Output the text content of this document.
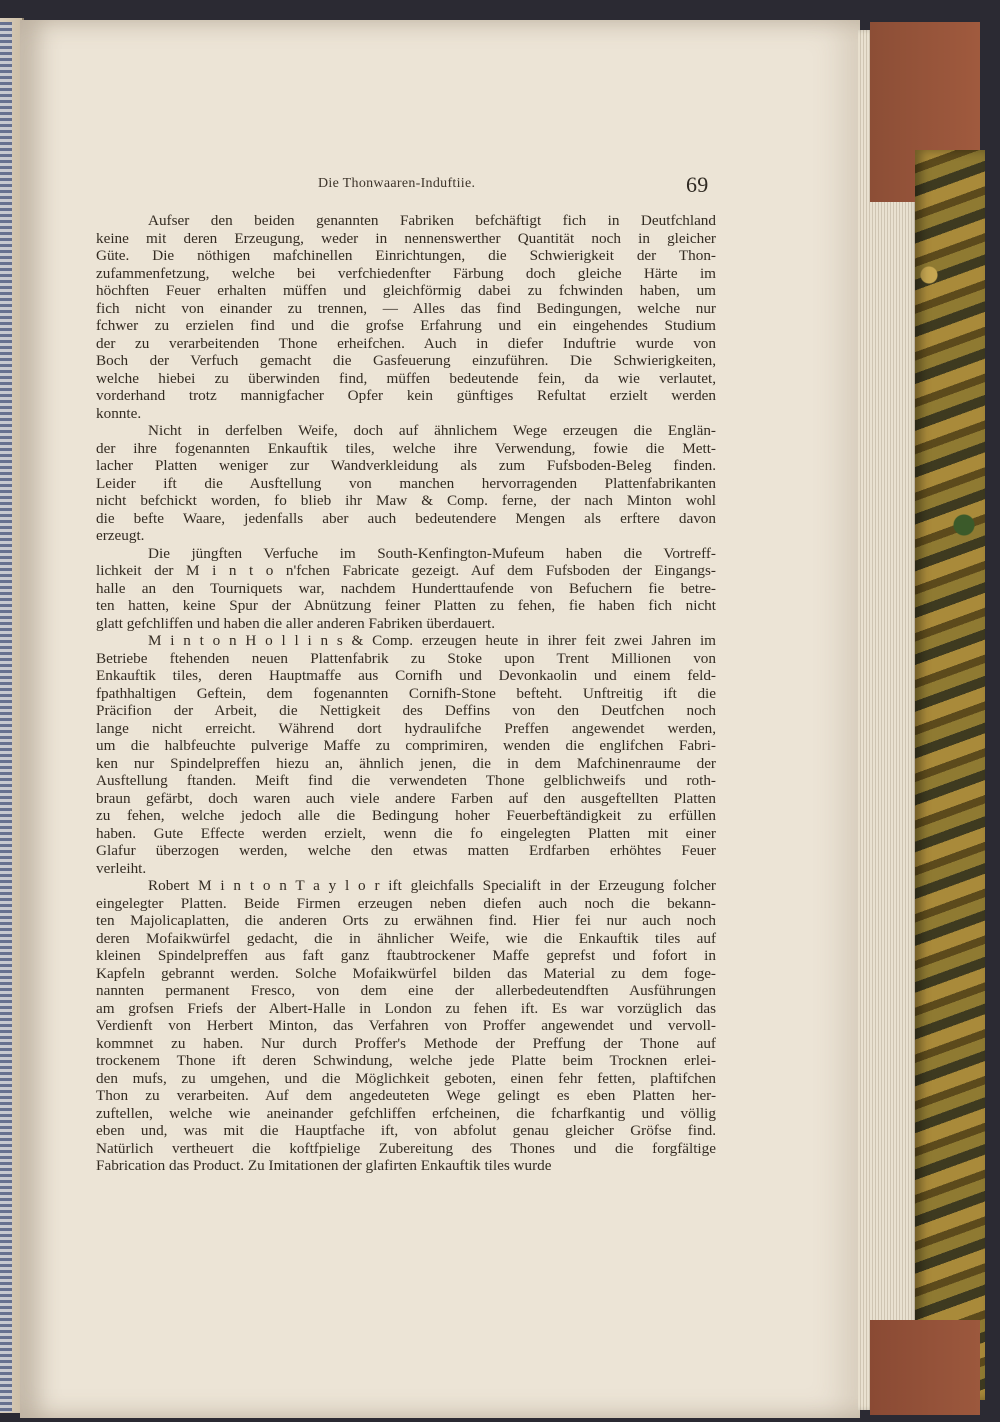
Die Thonwaaren-Induftiie.	69

Aufser den beiden genannten Fabriken befchäftigt fich in Deutfchland
keine mit deren Erzeugung, weder in nennenswerther Quantität noch in gleicher
Güte. Die nöthigen mafchinellen Einrichtungen, die Schwierigkeit der Thon-
zufammenfetzung, welche bei verfchiedenfter Färbung doch gleiche Härte im
höchften Feuer erhalten müffen und gleichförmig dabei zu fchwinden haben, um
fich nicht von einander zu trennen, — Alles das find Bedingungen, welche nur
fchwer zu erzielen find und die grofse Erfahrung und ein eingehendes Studium
der zu verarbeitenden Thone erheifchen. Auch in diefer Induftrie wurde von
Boch der Verfuch gemacht die Gasfeuerung einzuführen. Die Schwierigkeiten,
welche hiebei zu überwinden find, müffen bedeutende fein, da wie verlautet,
vorderhand trotz mannigfacher Opfer kein günftiges Refultat erzielt werden
konnte.

Nicht in derfelben Weife, doch auf ähnlichem Wege erzeugen die Englän-
der ihre fogenannten Enkauftik tiles, welche ihre Verwendung, fowie die Mett-
lacher Platten weniger zur Wandverkleidung als zum Fufsboden-Beleg finden.
Leider ift die Ausftellung von manchen hervorragenden Plattenfabrikanten
nicht befchickt worden, fo blieb ihr Maw & Comp. ferne, der nach Minton wohl
die befte Waare, jedenfalls aber auch bedeutendere Mengen als erftere davon
erzeugt.

Die jüngften Verfuche im South-Kenfington-Mufeum haben die Vortreff-
lichkeit der M i n t o n'fchen Fabricate gezeigt. Auf dem Fufsboden der Eingangs-
halle an den Tourniquets war, nachdem Hunderttaufende von Befuchern fie betre-
ten hatten, keine Spur der Abnützung feiner Platten zu fehen, fie haben fich nicht
glatt gefchliffen und haben die aller anderen Fabriken überdauert.

M i n t o n H o l l i n s & Comp. erzeugen heute in ihrer feit zwei Jahren im
Betriebe ftehenden neuen Plattenfabrik zu Stoke upon Trent Millionen von
Enkauftik tiles, deren Hauptmaffe aus Cornifh und Devonkaolin und einem feld-
fpathhaltigen Geftein, dem fogenannten Cornifh-Stone befteht. Unftreitig ift die
Präcifion der Arbeit, die Nettigkeit des Deffins von den Deutfchen noch
lange nicht erreicht. Während dort hydraulifche Preffen angewendet werden,
um die halbfeuchte pulverige Maffe zu comprimiren, wenden die englifchen Fabri-
ken nur Spindelpreffen hiezu an, ähnlich jenen, die in dem Mafchinenraume der
Ausftellung ftanden. Meift find die verwendeten Thone gelblichweifs und roth-
braun gefärbt, doch waren auch viele andere Farben auf den ausgeftellten Platten
zu fehen, welche jedoch alle die Bedingung hoher Feuerbeftändigkeit zu erfüllen
haben. Gute Effecte werden erzielt, wenn die fo eingelegten Platten mit einer
Glafur überzogen werden, welche den etwas matten Erdfarben erhöhtes Feuer
verleiht.

Robert M i n t o n T a y l o r ift gleichfalls Specialift in der Erzeugung folcher
eingelegter Platten. Beide Firmen erzeugen neben diefen auch noch die bekann-
ten Majolicaplatten, die anderen Orts zu erwähnen find. Hier fei nur auch noch
deren Mofaikwürfel gedacht, die in ähnlicher Weife, wie die Enkauftik tiles auf
kleinen Spindelpreffen aus faft ganz ftaubtrockener Maffe geprefst und fofort in
Kapfeln gebrannt werden. Solche Mofaikwürfel bilden das Material zu dem foge-
nannten permanent Fresco, von dem eine der allerbedeutendften Ausführungen
am grofsen Friefs der Albert-Halle in London zu fehen ift. Es war vorzüglich das
Verdienft von Herbert Minton, das Verfahren von Proffer angewendet und vervoll-
kommnet zu haben. Nur durch Proffer's Methode der Preffung der Thone auf
trockenem Thone ift deren Schwindung, welche jede Platte beim Trocknen erlei-
den mufs, zu umgehen, und die Möglichkeit geboten, einen fehr fetten, plaftifchen
Thon zu verarbeiten. Auf dem angedeuteten Wege gelingt es eben Platten her-
zuftellen, welche wie aneinander gefchliffen erfcheinen, die fcharfkantig und völlig
eben und, was mit die Hauptfache ift, von abfolut genau gleicher Gröfse find.
Natürlich vertheuert die koftfpielige Zubereitung des Thones und die forgfältige
Fabrication das Product. Zu Imitationen der glafirten Enkauftik tiles wurde
